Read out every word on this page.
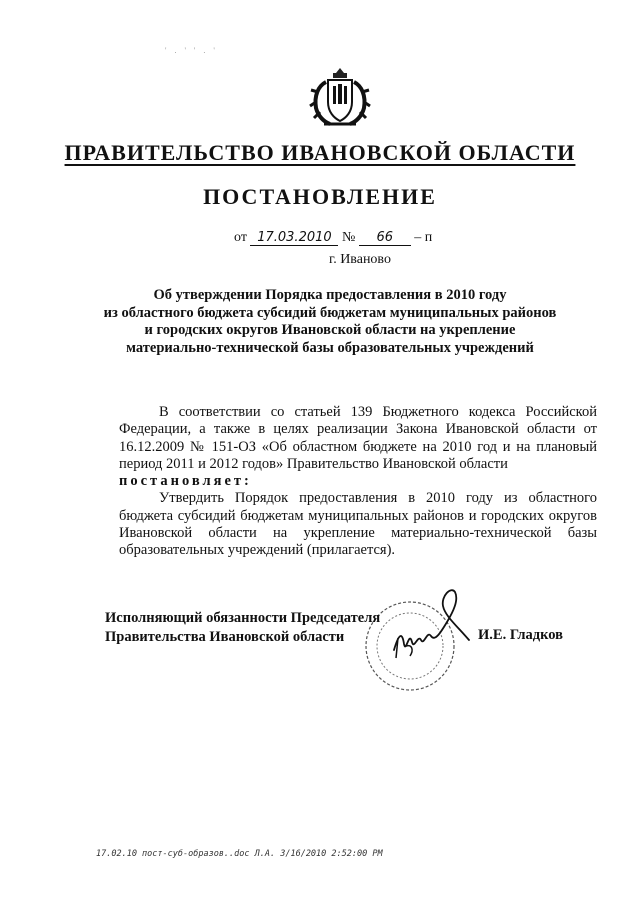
' . ' ' . '
ПРАВИТЕЛЬСТВО ИВАНОВСКОЙ ОБЛАСТИ
ПОСТАНОВЛЕНИЕ
от 17.03.2010 № 66 – п
г. Иваново
Об утверждении Порядка предоставления в 2010 году
из областного бюджета субсидий бюджетам муниципальных районов
и городских округов Ивановской области на укрепление
материально-технической базы образовательных учреждений

В соответствии со статьей 139 Бюджетного кодекса Российской Федерации, а также в целях реализации Закона Ивановской области от 16.12.2009 № 151-ОЗ «Об областном бюджете на 2010 год и на плановый период 2011 и 2012 годов» Правительство Ивановской области

постановляет:

Утвердить Порядок предоставления в 2010 году из областного бюджета субсидий бюджетам муниципальных районов и городских округов Ивановской области на укрепление материально-технической базы образовательных учреждений (прилагается).

Исполняющий обязанности Председателя
Правительства Ивановской области	И.Е. Гладков
17.02.10 пост-суб-образов..doc Л.А. 3/16/2010 2:52:00 PM
